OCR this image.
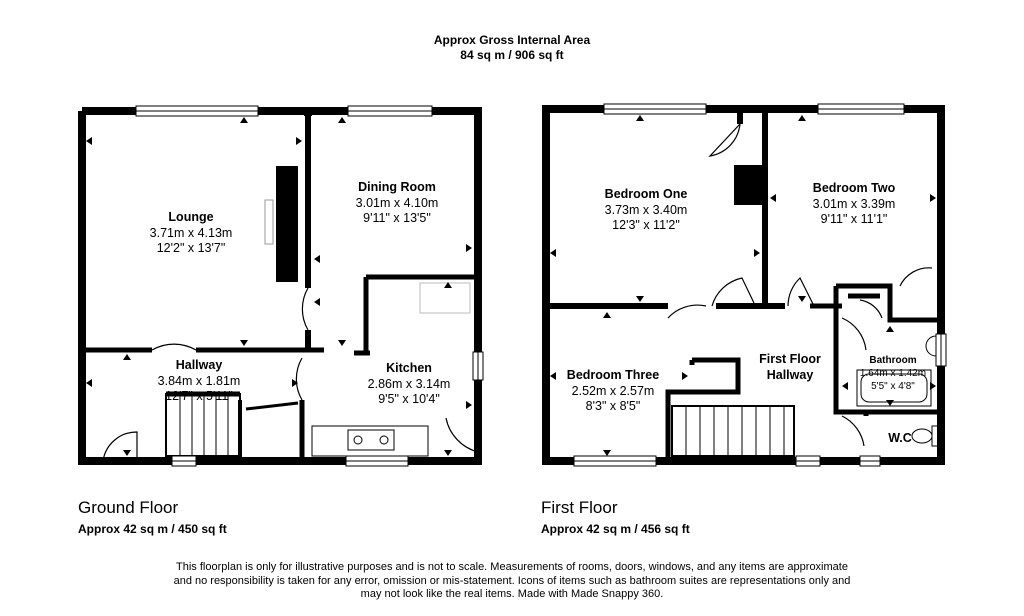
Approx Gross Internal Area
84 sq m / 906 sq ft
Lounge
3.71m x 4.13m
12'2" x 13'7"
Dining Room
3.01m x 4.10m
9'11" x 13'5"
Hallway
3.84m x 1.81m
12'7" x 5'11"
Kitchen
2.86m x 3.14m
9'5" x 10'4"
Bedroom One
3.73m x 3.40m
12'3" x 11'2"
Bedroom Two
3.01m x 3.39m
9'11" x 11'1"
Bedroom Three
2.52m x 2.57m
8'3" x 8'5"
First Floor
Hallway
Bathroom
1.64m x 1.42m
5'5" x 4'8"
W.C
Ground Floor
Approx 42 sq m / 450 sq ft
First Floor
Approx 42 sq m / 456 sq ft
This floorplan is only for illustrative purposes and is not to scale. Measurements of rooms, doors, windows, and any items are approximate
and no responsibility is taken for any error, omission or mis-statement. Icons of items such as bathroom suites are representations only and
may not look like the real items. Made with Made Snappy 360.
